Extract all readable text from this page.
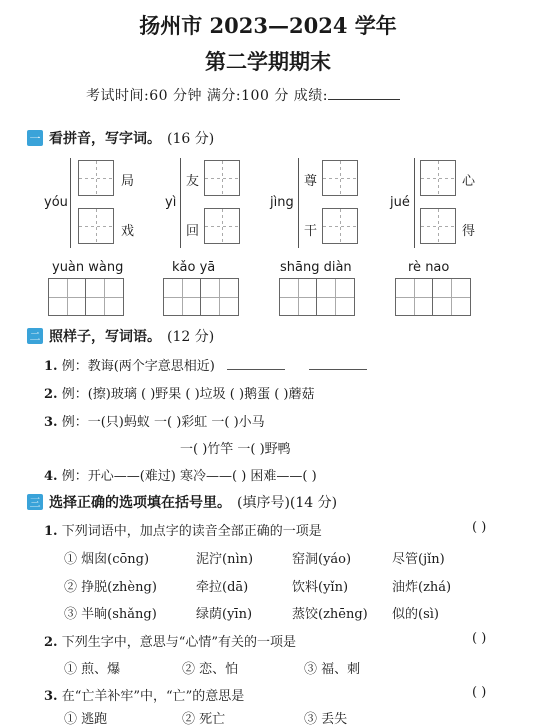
扬州市 2023—2024 学年
第二学期期末
考试时间:60 分钟 满分:100 分 成绩:
一 看拼音，写字词。 (16 分)
yóu
局
戏
yì
友
回
jìng
尊
干
jué
心
得
yuàn wàng	kǎo yā	shāng diàn	rè nao
二 照样子，写词语。 (12 分)
1. 例：教诲(两个字意思相近)
2. 例：(擦)玻璃 ( )野果 ( )垃圾 ( )鹅蛋 ( )蘑菇
3. 例：一(只)蚂蚁 一( )彩虹 一( )小马
一( )竹竿 一( )野鸭
4. 例：开心——(难过) 寒冷——( ) 困难——( )
三 选择正确的选项填在括号里。 (填序号)(14 分)
1. 下列词语中，加点字的读音全部正确的一项是	( )
① 烟囱(cōng)	泥泞(nìn)	窑洞(yáo)	尽管(jǐn)
② 挣脱(zhèng)	牵拉(dā)	饮料(yǐn)	油炸(zhá)
③ 半晌(shǎng)	绿荫(yīn)	蒸饺(zhēng) 似的(sì)
2. 下列生字中，意思与“心情”有关的一项是	( )
① 煎、爆	② 恋、怕	③ 福、刺
3. 在“亡羊补牢”中，“亡”的意思是	( )
① 逃跑	② 死亡	③ 丢失
